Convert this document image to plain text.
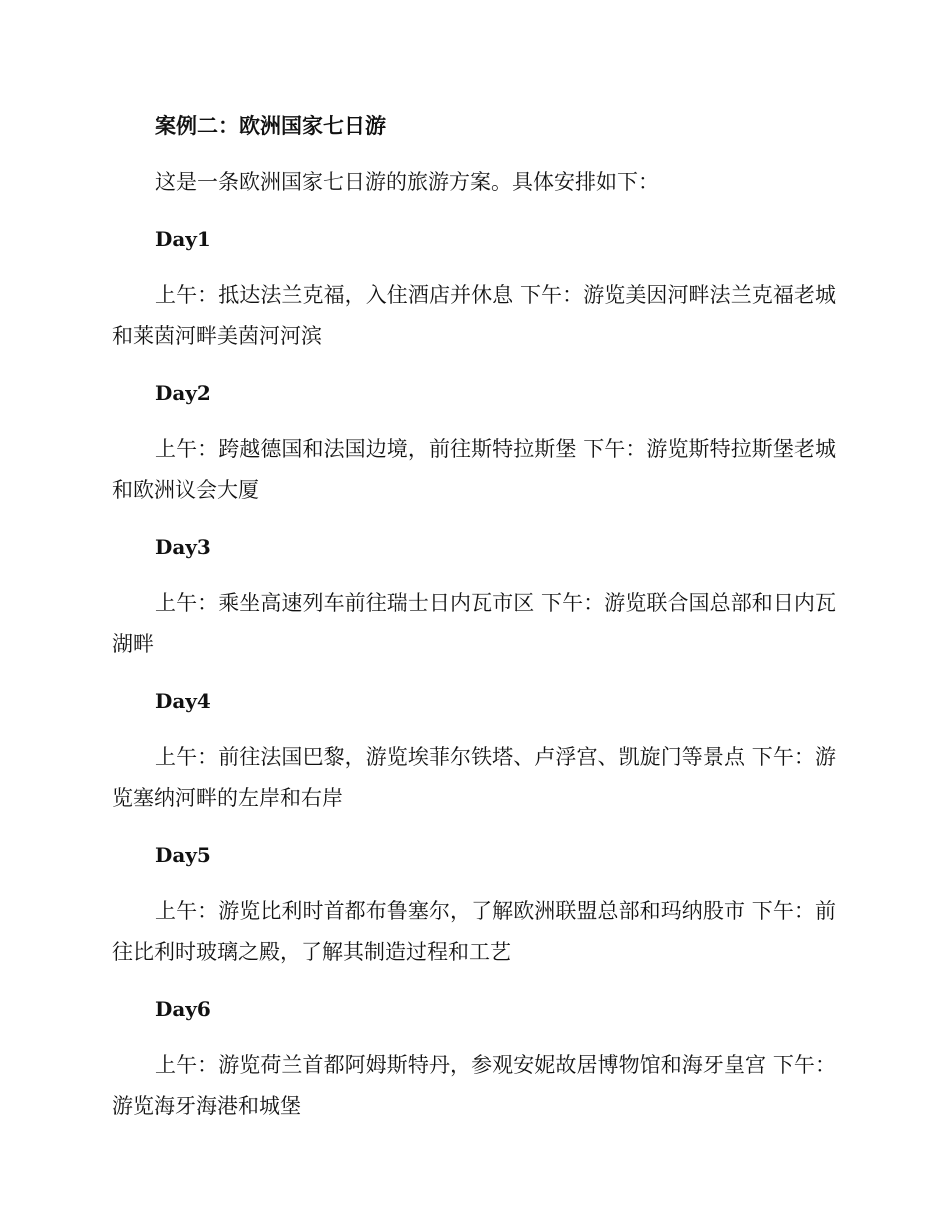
案例二：欧洲国家七日游

这是一条欧洲国家七日游的旅游方案。具体安排如下：

Day1

上午：抵达法兰克福，入住酒店并休息 下午：游览美因河畔法兰克福老城和莱茵河畔美茵河河滨

Day2

上午：跨越德国和法国边境，前往斯特拉斯堡 下午：游览斯特拉斯堡老城和欧洲议会大厦

Day3

上午：乘坐高速列车前往瑞士日内瓦市区 下午：游览联合国总部和日内瓦湖畔

Day4

上午：前往法国巴黎，游览埃菲尔铁塔、卢浮宫、凯旋门等景点 下午：游览塞纳河畔的左岸和右岸

Day5

上午：游览比利时首都布鲁塞尔，了解欧洲联盟总部和玛纳股市 下午：前往比利时玻璃之殿，了解其制造过程和工艺

Day6

上午：游览荷兰首都阿姆斯特丹，参观安妮故居博物馆和海牙皇宫 下午：游览海牙海港和城堡
